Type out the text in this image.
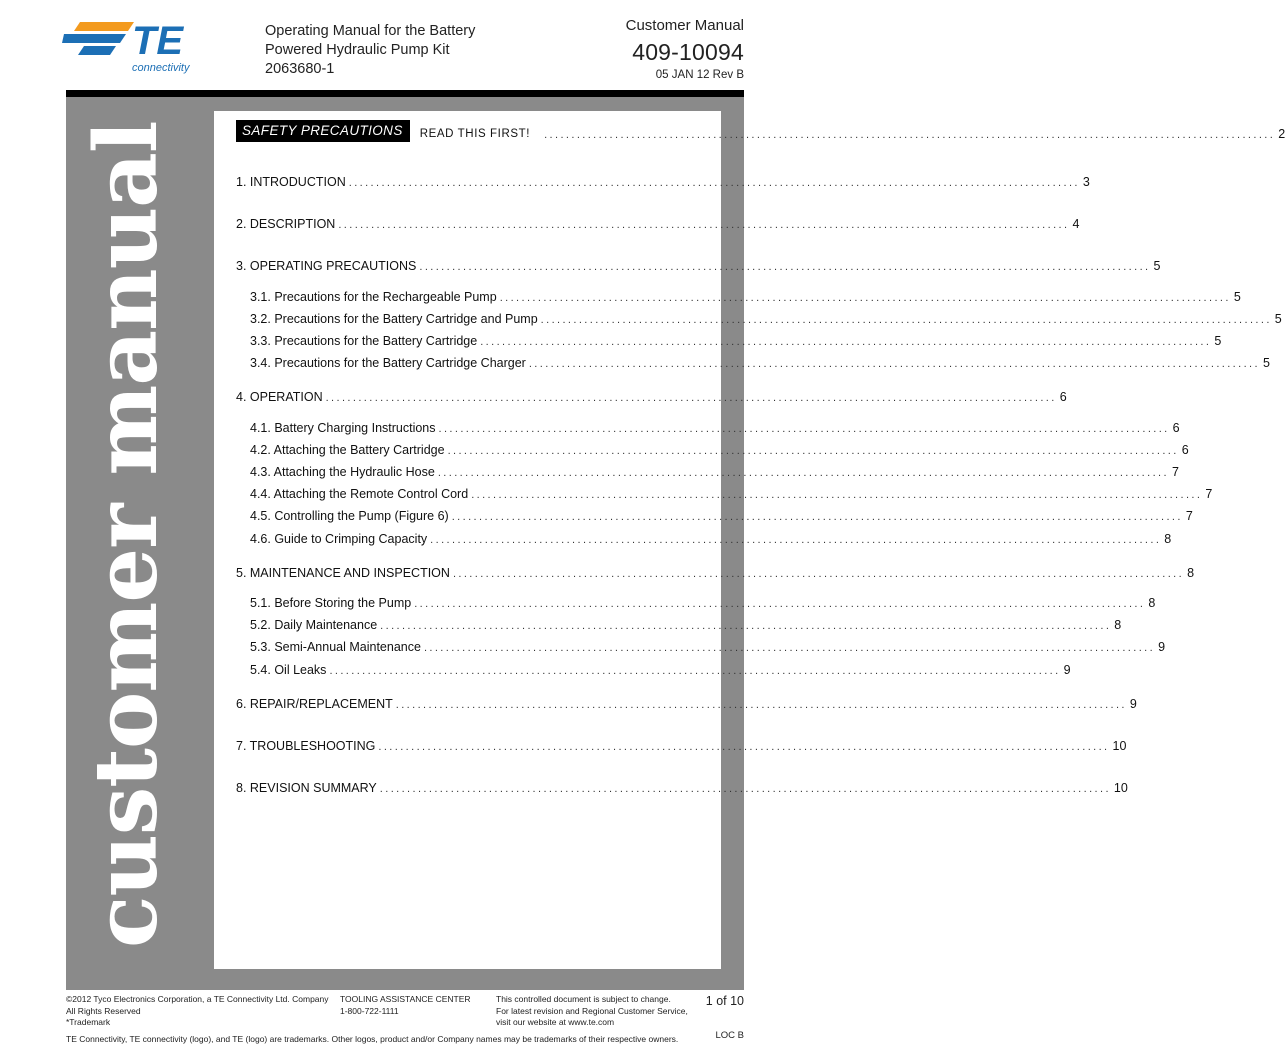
TE
connectivity
Operating Manual for the Battery
Powered Hydraulic Pump Kit
2063680-1
Customer Manual
409-10094
05 JAN 12 Rev B
customer manual	SAFETY PRECAUTIONS	READ THIS FIRST! ...................................................................................................................................... 2
1. INTRODUCTION ...................................................................................................................................... 3
2. DESCRIPTION ...................................................................................................................................... 4
3. OPERATING PRECAUTIONS ...................................................................................................................................... 5
3.1. Precautions for the Rechargeable Pump ...................................................................................................................................... 5
3.2. Precautions for the Battery Cartridge and Pump ...................................................................................................................................... 5
3.3. Precautions for the Battery Cartridge ...................................................................................................................................... 5
3.4. Precautions for the Battery Cartridge Charger ...................................................................................................................................... 5
4. OPERATION ...................................................................................................................................... 6
4.1. Battery Charging Instructions ...................................................................................................................................... 6
4.2. Attaching the Battery Cartridge ...................................................................................................................................... 6
4.3. Attaching the Hydraulic Hose ...................................................................................................................................... 7
4.4. Attaching the Remote Control Cord ...................................................................................................................................... 7
4.5. Controlling the Pump (Figure 6) ...................................................................................................................................... 7
4.6. Guide to Crimping Capacity ...................................................................................................................................... 8
5. MAINTENANCE AND INSPECTION ...................................................................................................................................... 8
5.1. Before Storing the Pump ...................................................................................................................................... 8
5.2. Daily Maintenance ...................................................................................................................................... 8
5.3. Semi-Annual Maintenance ...................................................................................................................................... 9
5.4. Oil Leaks ...................................................................................................................................... 9
6. REPAIR/REPLACEMENT ...................................................................................................................................... 9
7. TROUBLESHOOTING ...................................................................................................................................... 10
8. REVISION SUMMARY ...................................................................................................................................... 10
©2012 Tyco Electronics Corporation, a TE Connectivity Ltd. Company
All Rights Reserved
*Trademark
TOOLING ASSISTANCE CENTER
1-800-722-1111
This controlled document is subject to change.
For latest revision and Regional Customer Service,
visit our website at www.te.com
1 of 10
TE Connectivity, TE connectivity (logo), and TE (logo) are trademarks. Other logos, product and/or Company names may be trademarks of their respective owners.	LOC B
